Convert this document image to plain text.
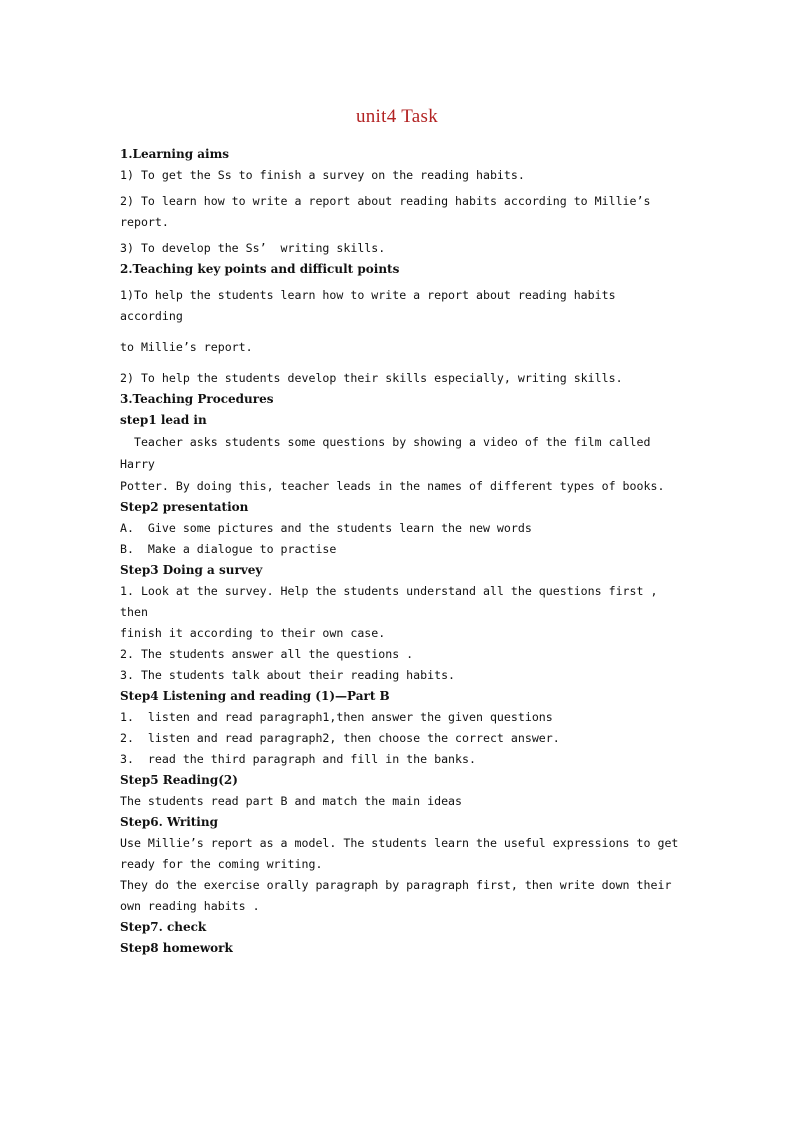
unit4 Task

1.Learning aims

1) To get the Ss to finish a survey on the reading habits.

2) To learn how to write a report about reading habits according to Millie’s report.

3) To develop the Ss’  writing skills.

2.Teaching key points and difficult points

1)To help the students learn how to write a report about reading habits according

to Millie’s report.

2) To help the students develop their skills especially, writing skills.

3.Teaching Procedures

step1 lead in

Teacher asks students some questions by showing a video of the film called Harry

Potter. By doing this, teacher leads in the names of different types of books.

Step2 presentation

A.  Give some pictures and the students learn the new words

B.  Make a dialogue to practise

Step3 Doing a survey

1. Look at the survey. Help the students understand all the questions first , then

finish it according to their own case.

2. The students answer all the questions .

3. The students talk about their reading habits.

Step4 Listening and reading (1)—Part B

1.  listen and read paragraph1,then answer the given questions

2.  listen and read paragraph2, then choose the correct answer.

3.  read the third paragraph and fill in the banks.

Step5 Reading(2)

The students read part B and match the main ideas

Step6. Writing

Use Millie’s report as a model. The students learn the useful expressions to get

ready for the coming writing.

They do the exercise orally paragraph by paragraph first, then write down their

own reading habits .

Step7. check

Step8 homework
